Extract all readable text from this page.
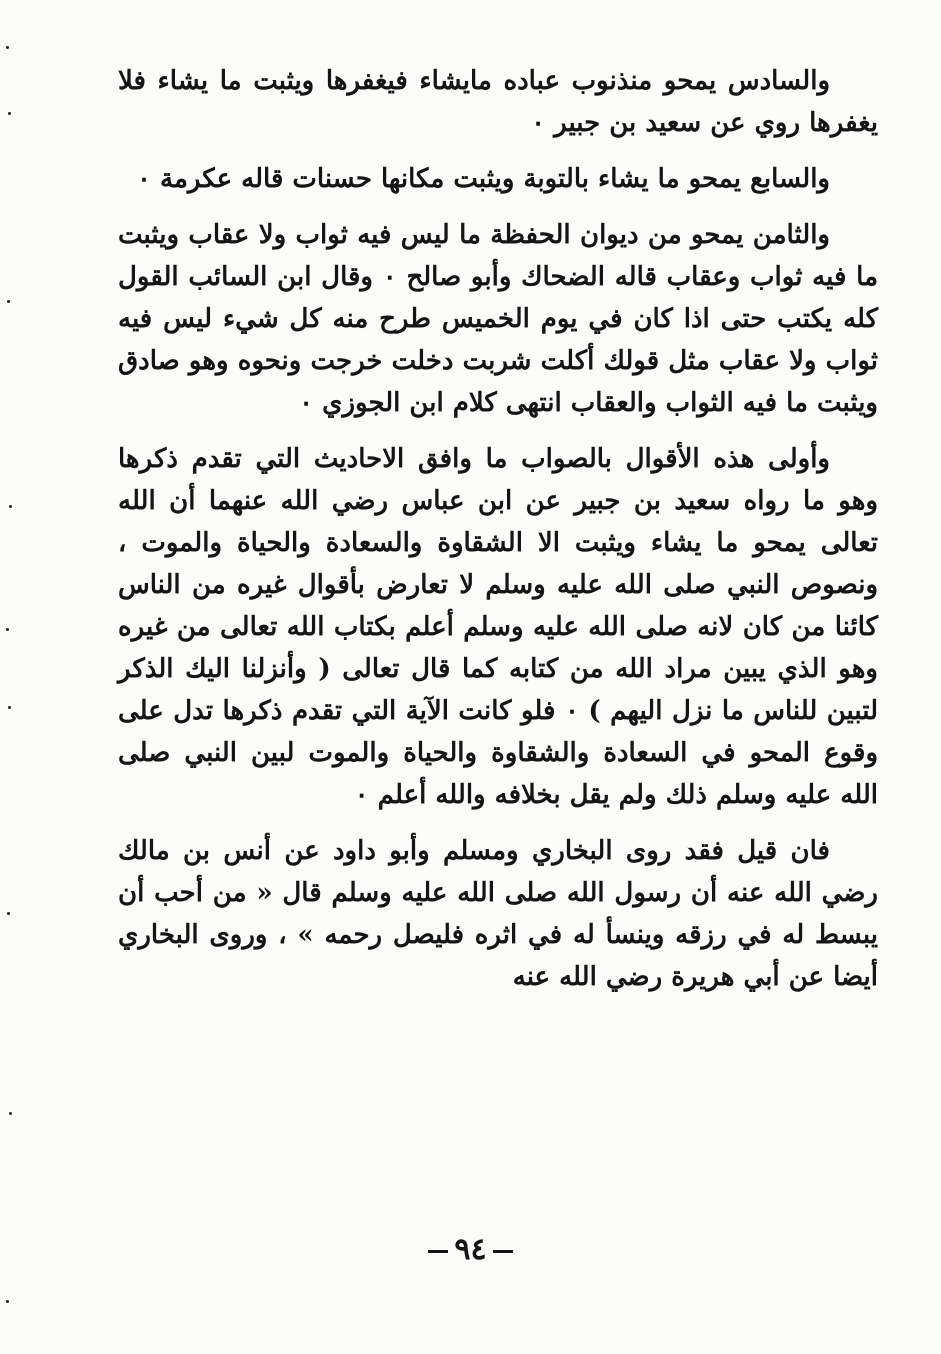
والسادس يمحو منذنوب عباده مايشاء فيغفرها ويثبت ما يشاء فلا يغفرها روي عن سعيد بن جبير ٠

والسابع يمحو ما يشاء بالتوبة ويثبت مكانها حسنات قاله عكرمة ٠

والثامن يمحو من ديوان الحفظة ما ليس فيه ثواب ولا عقاب ويثبت ما فيه ثواب وعقاب قاله الضحاك وأبو صالح ٠ وقال ابن السائب القول كله يكتب حتى اذا كان في يوم الخميس طرح منه كل شيء ليس فيه ثواب ولا عقاب مثل قولك أكلت شربت دخلت خرجت ونحوه وهو صادق ويثبت ما فيه الثواب والعقاب انتهى كلام ابن الجوزي ٠

وأولى هذه الأقوال بالصواب ما وافق الاحاديث التي تقدم ذكرها وهو ما رواه سعيد بن جبير عن ابن عباس رضي الله عنهما أن الله تعالى يمحو ما يشاء ويثبت الا الشقاوة والسعادة والحياة والموت ، ونصوص النبي صلى الله عليه وسلم لا تعارض بأقوال غيره من الناس كائنا من كان لانه صلى الله عليه وسلم أعلم بكتاب الله تعالى من غيره وهو الذي يبين مراد الله من كتابه كما قال تعالى ( وأنزلنا اليك الذكر لتبين للناس ما نزل اليهم ) ٠ فلو كانت الآية التي تقدم ذكرها تدل على وقوع المحو في السعادة والشقاوة والحياة والموت لبين النبي صلى الله عليه وسلم ذلك ولم يقل بخلافه والله أعلم ٠

فان قيل فقد روى البخاري ومسلم وأبو داود عن أنس بن مالك رضي الله عنه أن رسول الله صلى الله عليه وسلم قال « من أحب أن يبسط له في رزقه وينسأ له في اثره فليصل رحمه » ، وروى البخاري أيضا عن أبي هريرة رضي الله عنه

٩٤
